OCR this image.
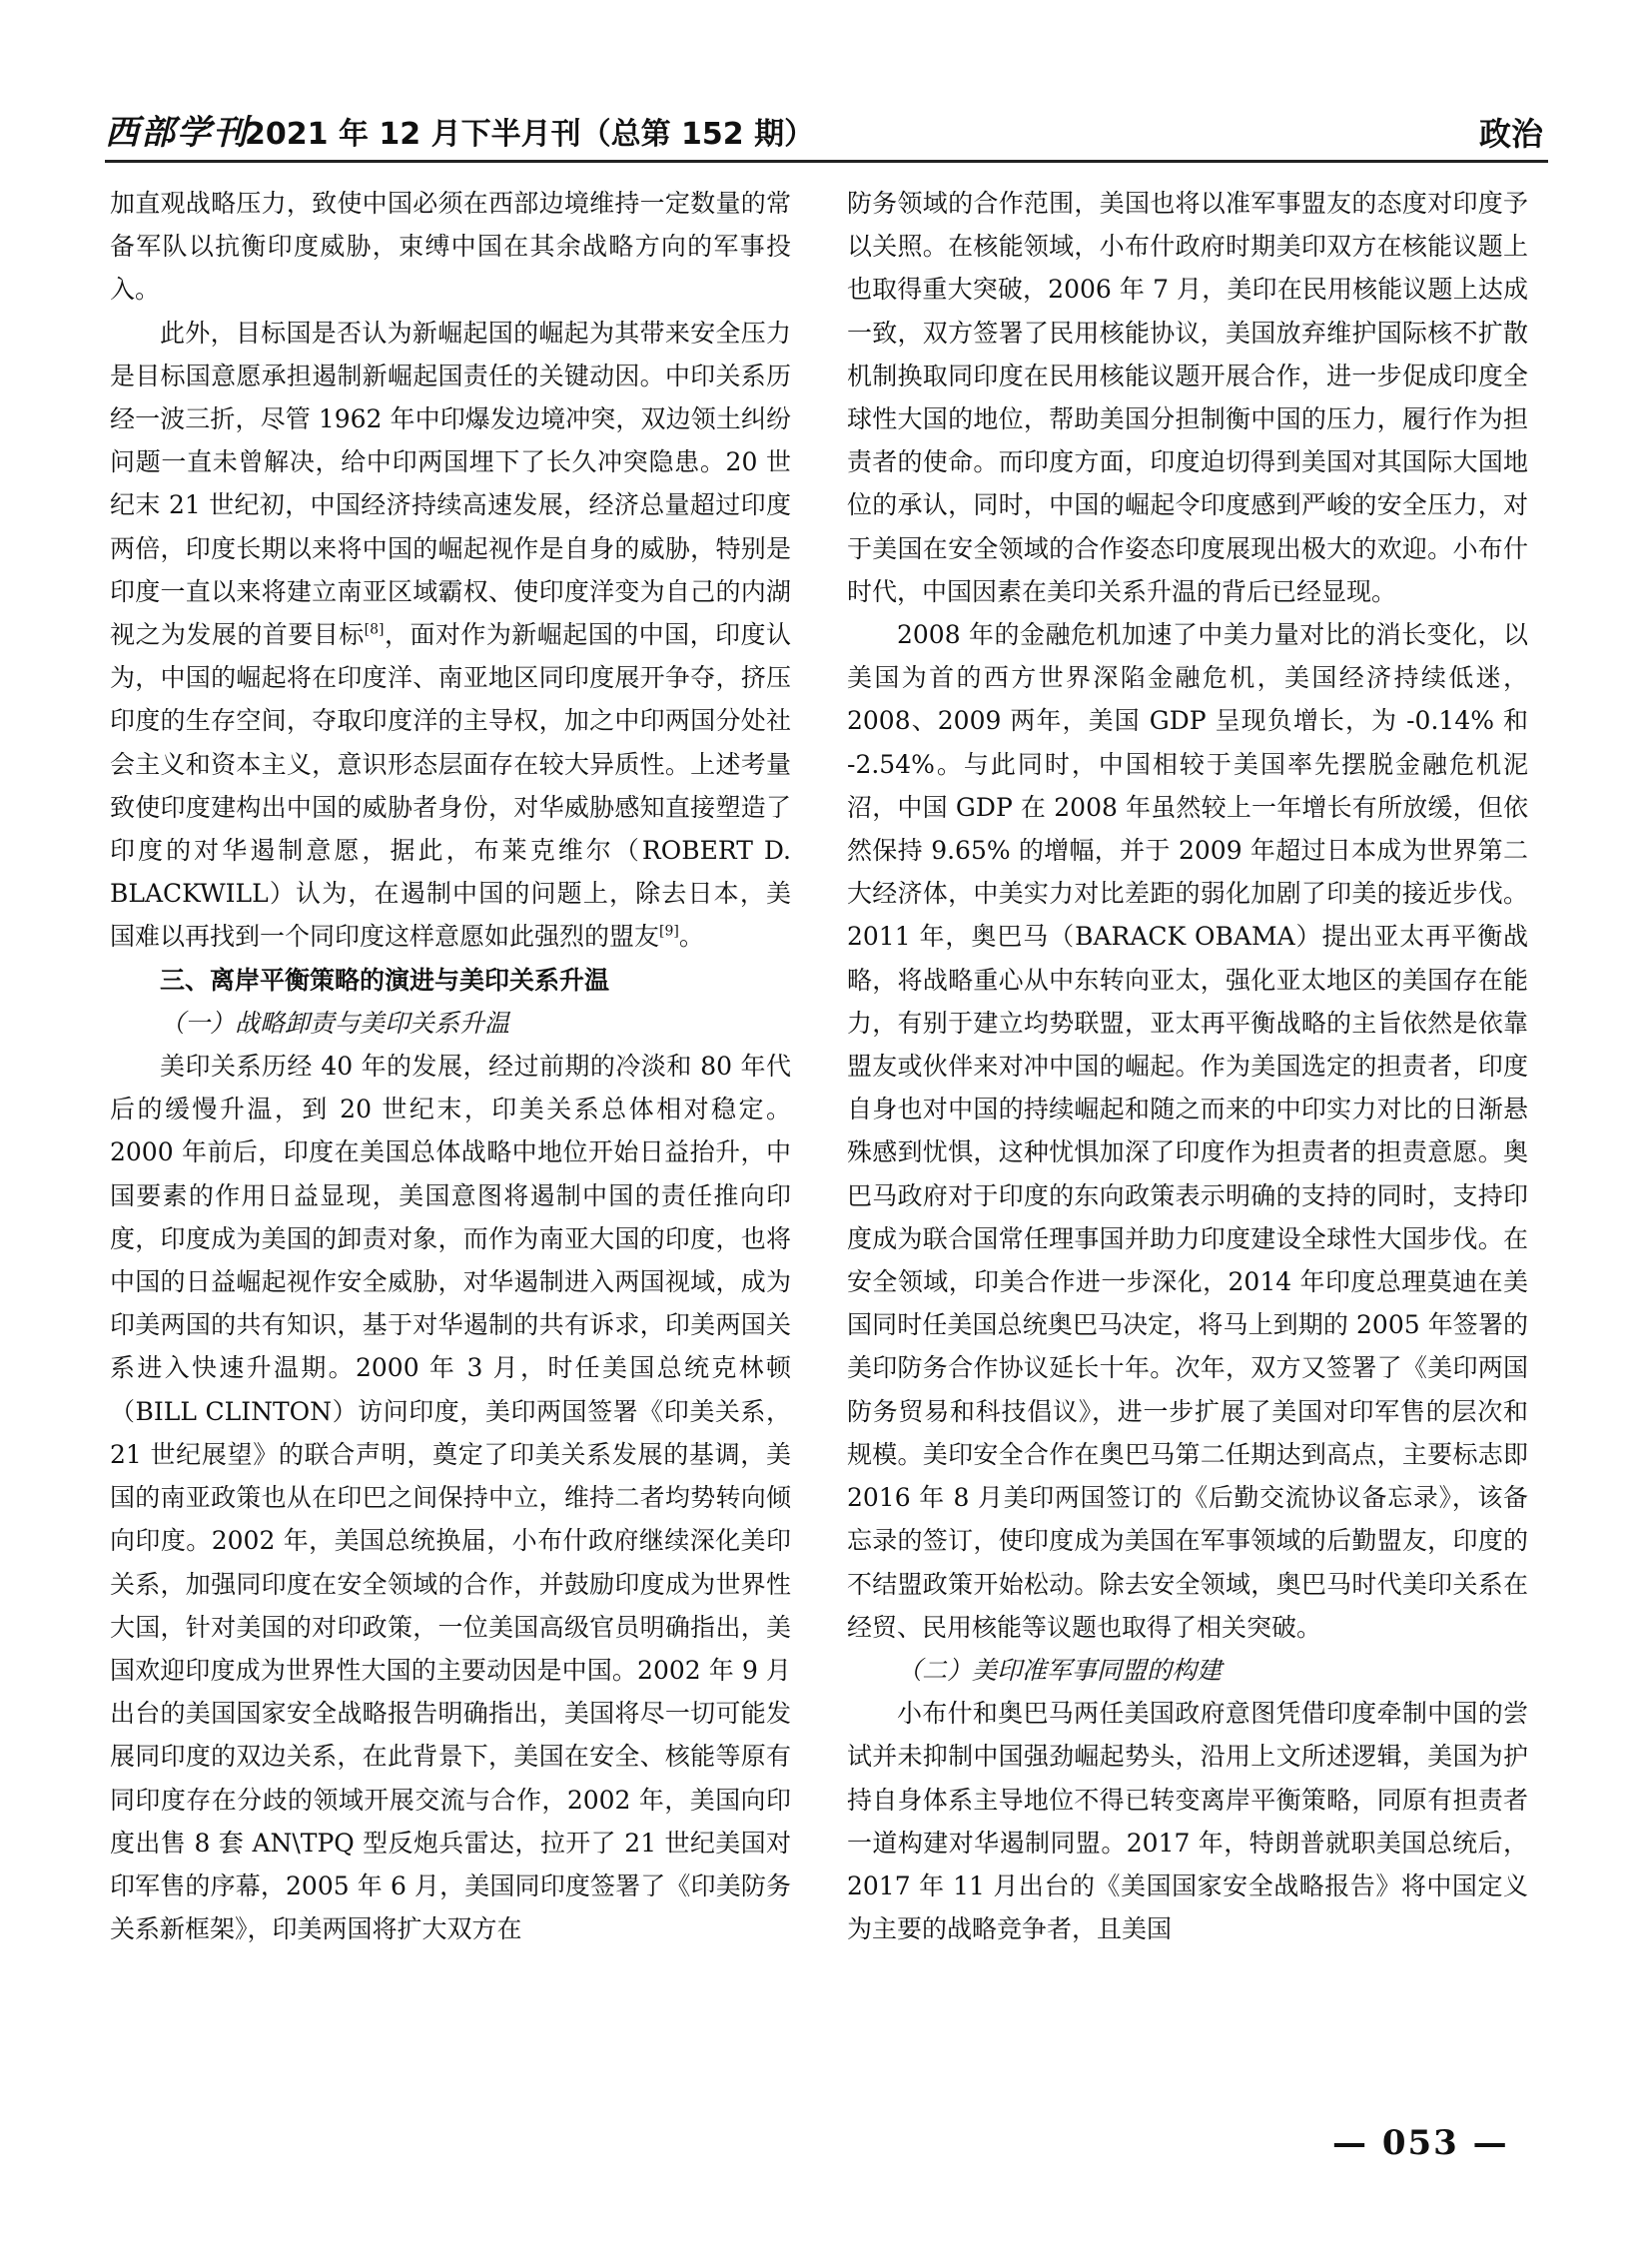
西部学刊
2021 年 12 月下半月刊（总第 152 期）	政治

加直观战略压力，致使中国必须在西部边境维持一定数量的常备军队以抗衡印度威胁，束缚中国在其余战略方向的军事投入。

此外，目标国是否认为新崛起国的崛起为其带来安全压力是目标国意愿承担遏制新崛起国责任的关键动因。中印关系历经一波三折，尽管 1962 年中印爆发边境冲突，双边领土纠纷问题一直未曾解决，给中印两国埋下了长久冲突隐患。20 世纪末 21 世纪初，中国经济持续高速发展，经济总量超过印度两倍，印度长期以来将中国的崛起视作是自身的威胁，特别是印度一直以来将建立南亚区域霸权、使印度洋变为自己的内湖视之为发展的首要目标[8]，面对作为新崛起国的中国，印度认为，中国的崛起将在印度洋、南亚地区同印度展开争夺，挤压印度的生存空间，夺取印度洋的主导权，加之中印两国分处社会主义和资本主义，意识形态层面存在较大异质性。上述考量致使印度建构出中国的威胁者身份，对华威胁感知直接塑造了印度的对华遏制意愿，据此，布莱克维尔（ROBERT D. BLACKWILL）认为，在遏制中国的问题上，除去日本，美国难以再找到一个同印度这样意愿如此强烈的盟友[9]。

三、离岸平衡策略的演进与美印关系升温
（一）战略卸责与美印关系升温

美印关系历经 40 年的发展，经过前期的冷淡和 80 年代后的缓慢升温，到 20 世纪末，印美关系总体相对稳定。2000 年前后，印度在美国总体战略中地位开始日益抬升，中国要素的作用日益显现，美国意图将遏制中国的责任推向印度，印度成为美国的卸责对象，而作为南亚大国的印度，也将中国的日益崛起视作安全威胁，对华遏制进入两国视域，成为印美两国的共有知识，基于对华遏制的共有诉求，印美两国关系进入快速升温期。2000 年 3 月，时任美国总统克林顿（BILL CLINTON）访问印度，美印两国签署《印美关系，21 世纪展望》的联合声明，奠定了印美关系发展的基调，美国的南亚政策也从在印巴之间保持中立，维持二者均势转向倾向印度。2002 年，美国总统换届，小布什政府继续深化美印关系，加强同印度在安全领域的合作，并鼓励印度成为世界性大国，针对美国的对印政策，一位美国高级官员明确指出，美国欢迎印度成为世界性大国的主要动因是中国。2002 年 9 月出台的美国国家安全战略报告明确指出，美国将尽一切可能发展同印度的双边关系，在此背景下，美国在安全、核能等原有同印度存在分歧的领域开展交流与合作，2002 年，美国向印度出售 8 套 AN\TPQ 型反炮兵雷达，拉开了 21 世纪美国对印军售的序幕，2005 年 6 月，美国同印度签署了《印美防务关系新框架》，印美两国将扩大双方在

防务领域的合作范围，美国也将以准军事盟友的态度对印度予以关照。在核能领域，小布什政府时期美印双方在核能议题上也取得重大突破，2006 年 7 月，美印在民用核能议题上达成一致，双方签署了民用核能协议，美国放弃维护国际核不扩散机制换取同印度在民用核能议题开展合作，进一步促成印度全球性大国的地位，帮助美国分担制衡中国的压力，履行作为担责者的使命。而印度方面，印度迫切得到美国对其国际大国地位的承认，同时，中国的崛起令印度感到严峻的安全压力，对于美国在安全领域的合作姿态印度展现出极大的欢迎。小布什时代，中国因素在美印关系升温的背后已经显现。

2008 年的金融危机加速了中美力量对比的消长变化，以美国为首的西方世界深陷金融危机，美国经济持续低迷，2008、2009 两年，美国 GDP 呈现负增长，为 -0.14% 和 -2.54%。与此同时，中国相较于美国率先摆脱金融危机泥沼，中国 GDP 在 2008 年虽然较上一年增长有所放缓，但依然保持 9.65% 的增幅，并于 2009 年超过日本成为世界第二大经济体，中美实力对比差距的弱化加剧了印美的接近步伐。2011 年，奥巴马（BARACK OBAMA）提出亚太再平衡战略，将战略重心从中东转向亚太，强化亚太地区的美国存在能力，有别于建立均势联盟，亚太再平衡战略的主旨依然是依靠盟友或伙伴来对冲中国的崛起。作为美国选定的担责者，印度自身也对中国的持续崛起和随之而来的中印实力对比的日渐悬殊感到忧惧，这种忧惧加深了印度作为担责者的担责意愿。奥巴马政府对于印度的东向政策表示明确的支持的同时，支持印度成为联合国常任理事国并助力印度建设全球性大国步伐。在安全领域，印美合作进一步深化，2014 年印度总理莫迪在美国同时任美国总统奥巴马决定，将马上到期的 2005 年签署的美印防务合作协议延长十年。次年，双方又签署了《美印两国防务贸易和科技倡议》，进一步扩展了美国对印军售的层次和规模。美印安全合作在奥巴马第二任期达到高点，主要标志即 2016 年 8 月美印两国签订的《后勤交流协议备忘录》，该备忘录的签订，使印度成为美国在军事领域的后勤盟友，印度的不结盟政策开始松动。除去安全领域，奥巴马时代美印关系在经贸、民用核能等议题也取得了相关突破。

（二）美印准军事同盟的构建

小布什和奥巴马两任美国政府意图凭借印度牵制中国的尝试并未抑制中国强劲崛起势头，沿用上文所述逻辑，美国为护持自身体系主导地位不得已转变离岸平衡策略，同原有担责者一道构建对华遏制同盟。2017 年，特朗普就职美国总统后，2017 年 11 月出台的《美国国家安全战略报告》将中国定义为主要的战略竞争者，且美国

— 053 —
